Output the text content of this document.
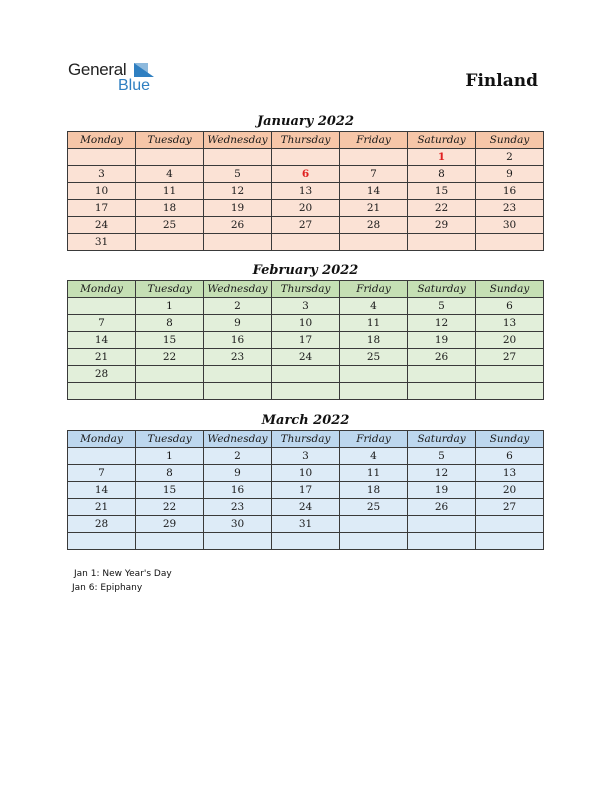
General
Blue	Finland
January 2022
Monday	Tuesday	Wednesday	Thursday	Friday	Saturday	Sunday
					1	2
3	4	5	6	7	8	9
10	11	12	13	14	15	16
17	18	19	20	21	22	23
24	25	26	27	28	29	30
31						
February 2022
Monday	Tuesday	Wednesday	Thursday	Friday	Saturday	Sunday
	1	2	3	4	5	6
7	8	9	10	11	12	13
14	15	16	17	18	19	20
21	22	23	24	25	26	27
28						

March 2022
Monday	Tuesday	Wednesday	Thursday	Friday	Saturday	Sunday
	1	2	3	4	5	6
7	8	9	10	11	12	13
14	15	16	17	18	19	20
21	22	23	24	25	26	27
28	29	30	31			

Jan 1: New Year's Day
Jan 6: Epiphany
